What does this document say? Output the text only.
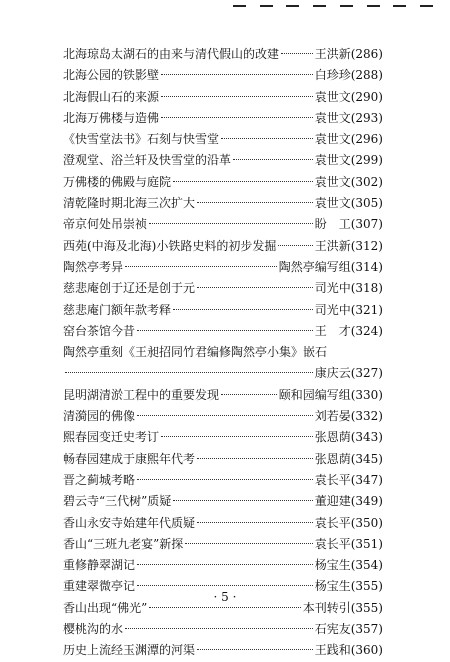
北海琼岛太湖石的由来与清代假山的改建	王洪新(286)
北海公园的铁影壁	白珍珍(288)
北海假山石的来源	袁世文(290)
北海万佛楼与造佛	袁世文(293)
《快雪堂法书》石刻与快雪堂	袁世文(296)
澄观堂、浴兰轩及快雪堂的沿革	袁世文(299)
万佛楼的佛殿与庭院	袁世文(302)
清乾隆时期北海三次扩大	袁世文(305)
帝京何处吊崇祯	盼　工(307)
西苑(中海及北海)小铁路史料的初步发掘	王洪新(312)
陶然亭考异	陶然亭编写组(314)
慈悲庵创于辽还是创于元	司光中(318)
慈悲庵门额年款考释	司光中(321)
窑台茶馆今昔	王　才(324)
陶然亭重刻《王昶招同竹君编修陶然亭小集》嵌石
康庆云(327)
昆明湖清淤工程中的重要发现	颐和园编写组(330)
清漪园的佛像	刘若晏(332)
熙春园变迁史考订	张恩荫(343)
畅春园建成于康熙年代考	张恩荫(345)
晋之蓟城考略	袁长平(347)
碧云寺“三代树”质疑	董迎建(349)
香山永安寺始建年代质疑	袁长平(350)
香山“三班九老宴”新探	袁长平(351)
重修静翠湖记	杨宝生(354)
重建翠微亭记	杨宝生(355)
香山出现“佛光”	本刊转引(355)
樱桃沟的水	石宪友(357)
历史上流经玉渊潭的河渠	王践和(360)
· 5 ·
